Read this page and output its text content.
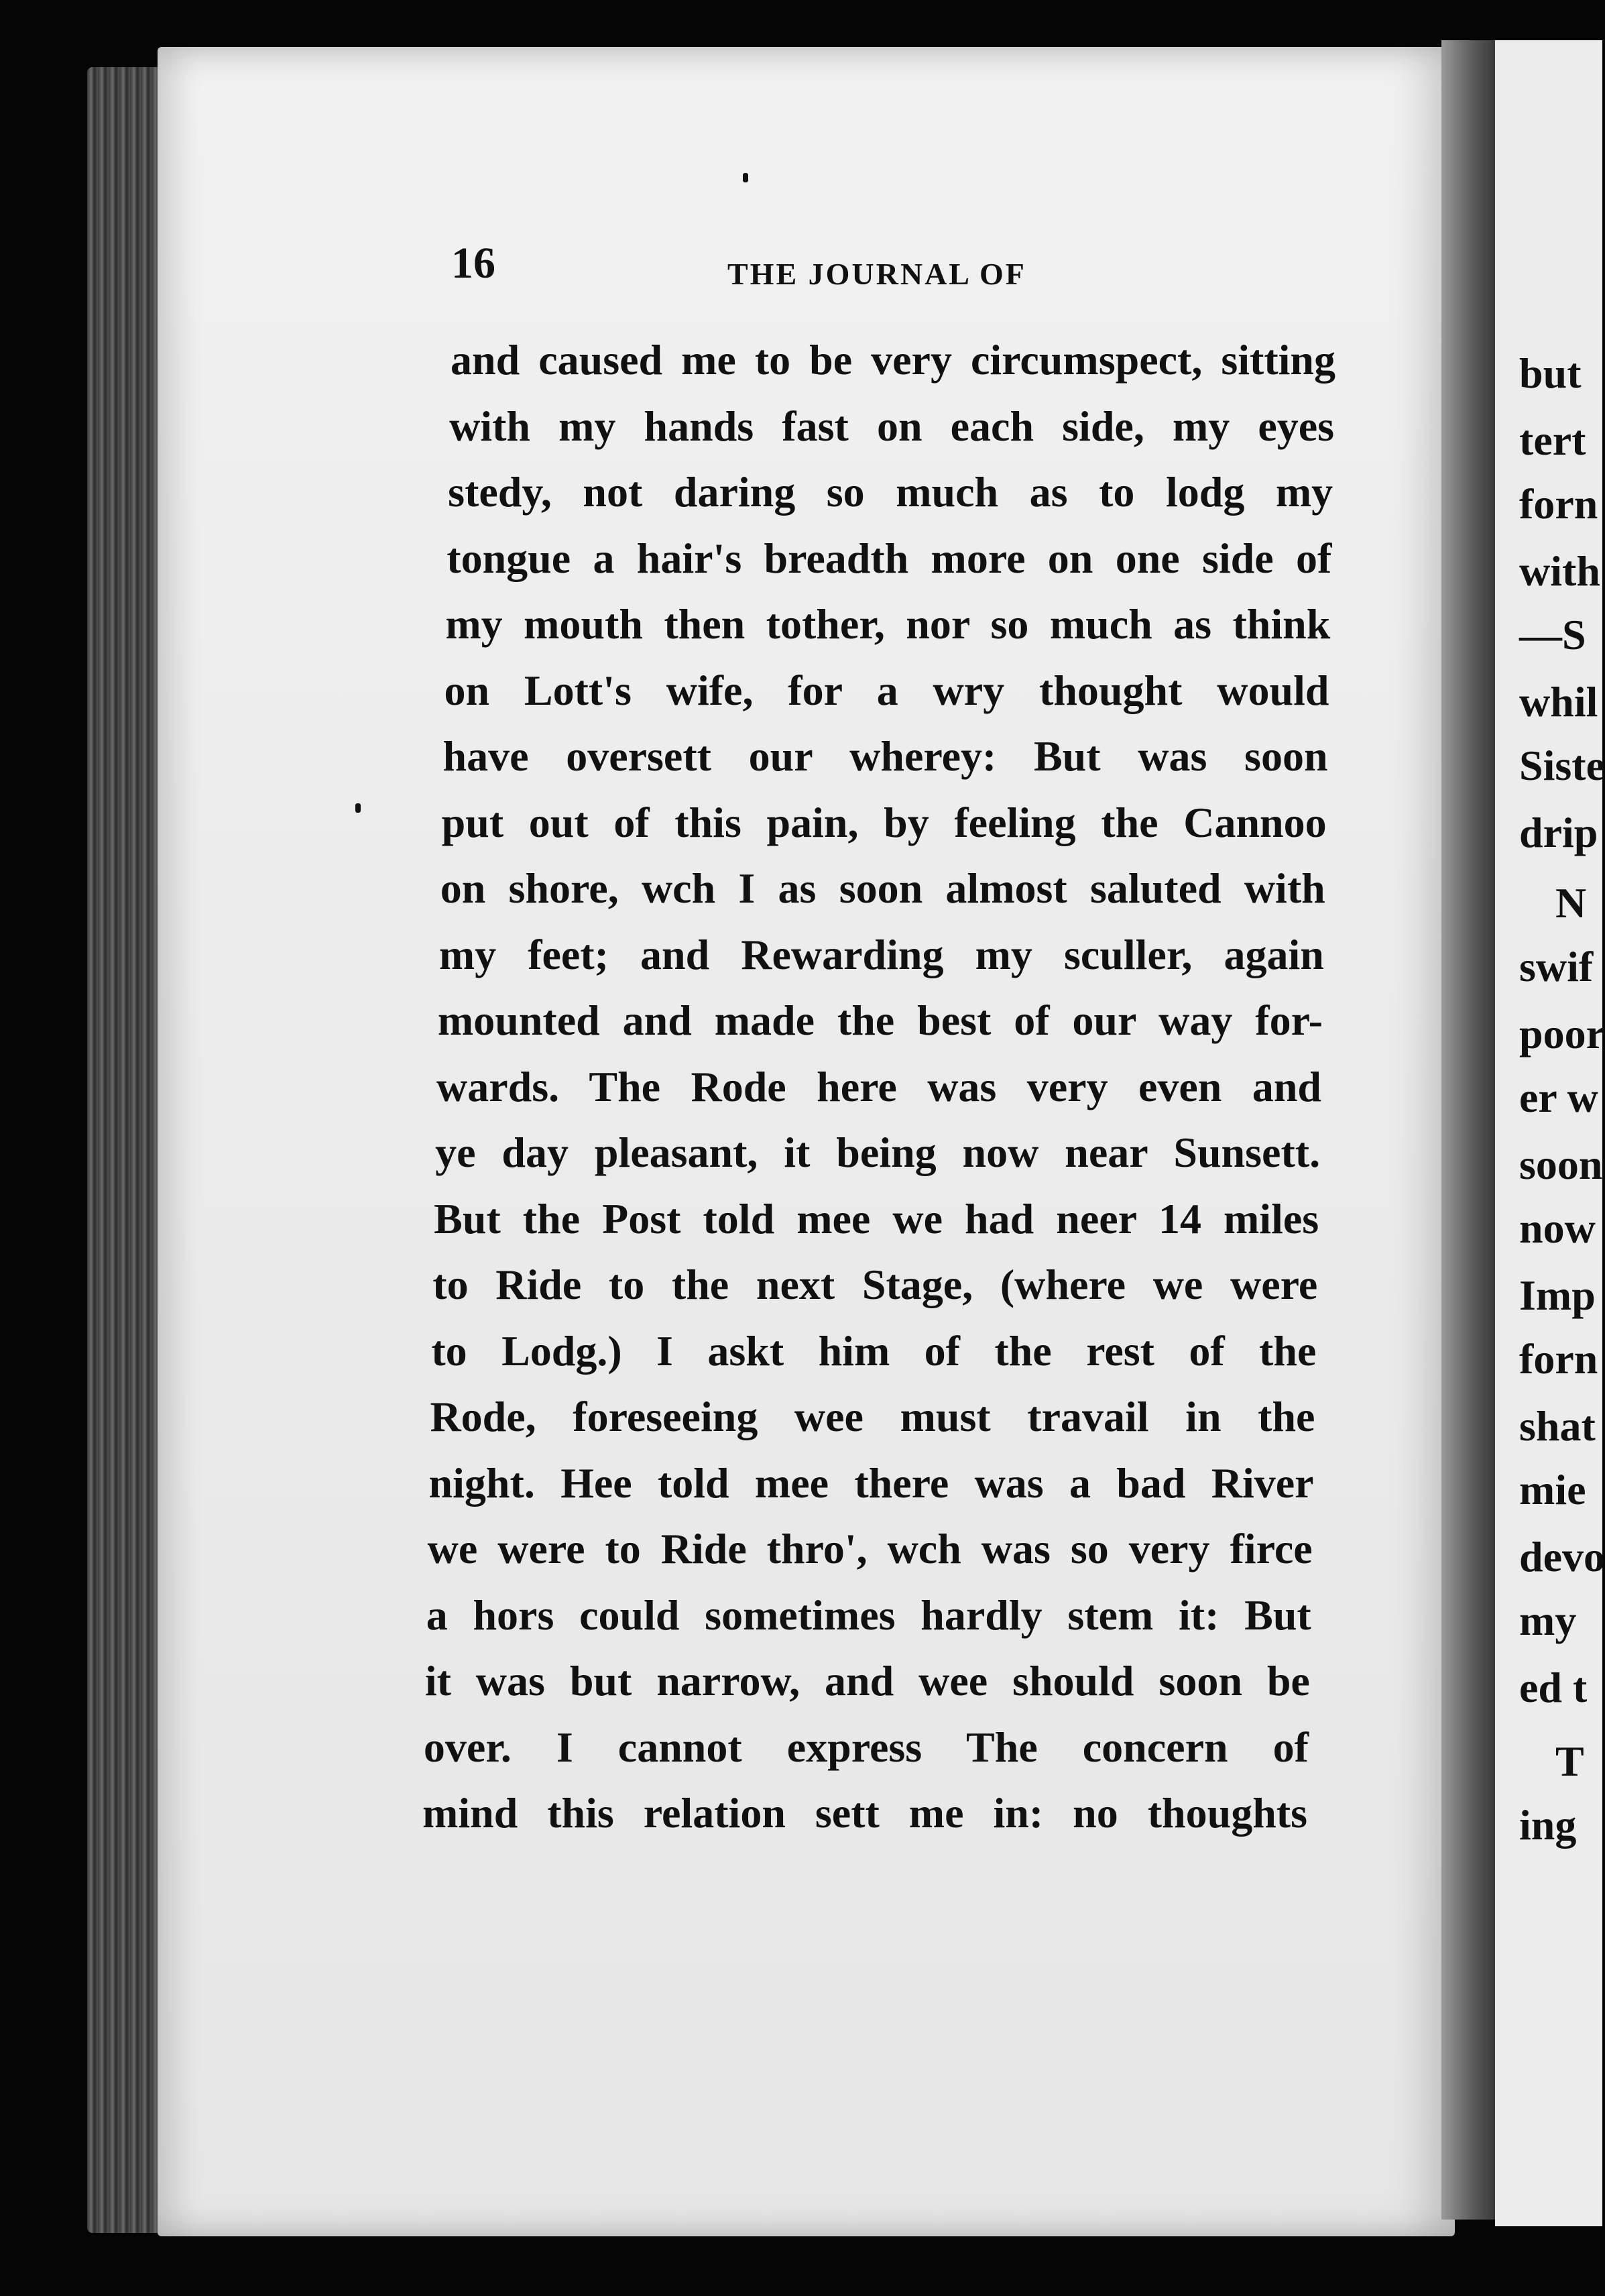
but
tert
forn
with
—S
whil
Siste
drip
N
swif
poor
er w
soon
now
Imp
forn
shat
mie
devo
my
ed t
T
ing
16	THE JOURNAL OF
and caused me to be very circumspect, sitting
with my hands fast on each side, my eyes
stedy, not daring so much as to lodg my
tongue a hair's breadth more on one side of
my mouth then tother, nor so much as think
on Lott's wife, for a wry thought would
have oversett our wherey: But was soon
put out of this pain, by feeling the Cannoo
on shore, wch I as soon almost saluted with
my feet; and Rewarding my sculler, again
mounted and made the best of our way for-
wards. The Rode here was very even and
ye day pleasant, it being now near Sunsett.
But the Post told mee we had neer 14 miles
to Ride to the next Stage, (where we were
to Lodg.) I askt him of the rest of the
Rode, foreseeing wee must travail in the
night. Hee told mee there was a bad River
we were to Ride thro', wch was so very firce
a hors could sometimes hardly stem it: But
it was but narrow, and wee should soon be
over. I cannot express The concern of
mind this relation sett me in: no thoughts
